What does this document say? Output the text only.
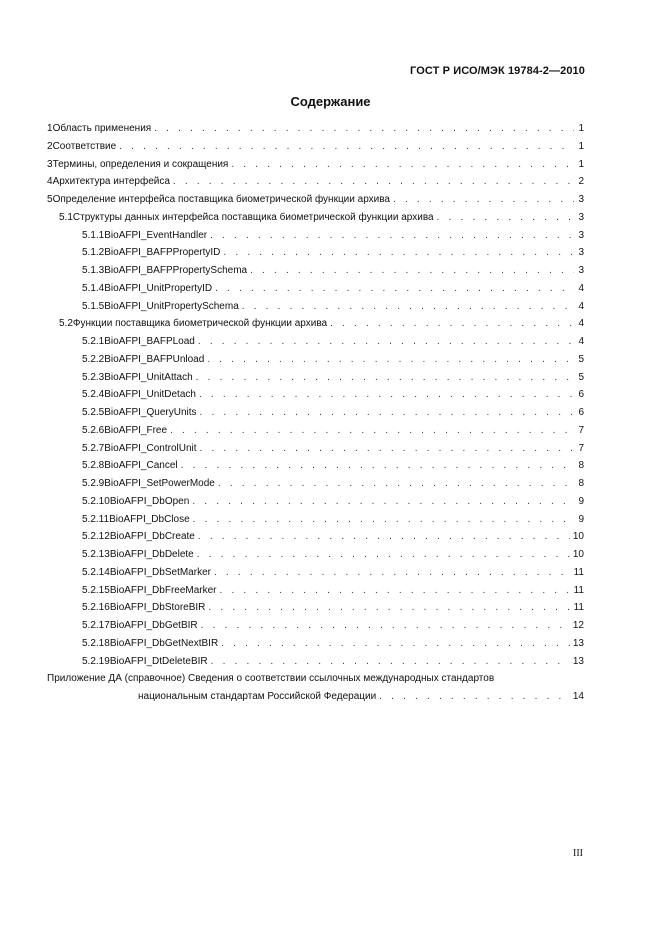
ГОСТ Р ИСО/МЭК 19784-2—2010
Содержание
1 Область применения . . .	1
2 Соответствие . . .	1
3 Термины, определения и сокращения . . .	1
4 Архитектура интерфейса . . .	2
5 Определение интерфейса поставщика биометрической функции архива . . .	3
5.1 Структуры данных интерфейса поставщика биометрической функции архива . . .	3
5.1.1 BioAFPI_EventHandler . . .	3
5.1.2 BioAFPI_BAFPPropertyID . . .	3
5.1.3 BioAFPI_BAFPPropertySchema . . .	3
5.1.4 BioAFPI_UnitPropertyID . . .	4
5.1.5 BioAFPI_UnitPropertySchema . . .	4
5.2 Функции поставщика биометрической функции архива . . .	4
5.2.1 BioAFPI_BAFPLoad . . .	4
5.2.2 BioAFPI_BAFPUnload . . .	5
5.2.3 BioAFPI_UnitAttach . . .	5
5.2.4 BioAFPI_UnitDetach . . .	6
5.2.5 BioAFPI_QueryUnits . . .	6
5.2.6 BioAFPI_Free . . .	7
5.2.7 BioAFPI_ControlUnit . . .	7
5.2.8 BioAFPI_Cancel . . .	8
5.2.9 BioAFPI_SetPowerMode . . .	8
5.2.10 BioAFPI_DbOpen . . .	9
5.2.11 BioAFPI_DbClose . . .	9
5.2.12 BioAFPI_DbCreate . . .	10
5.2.13 BioAFPI_DbDelete . . .	10
5.2.14 BioAFPI_DbSetMarker . . .	11
5.2.15 BioAFPI_DbFreeMarker . . .	11
5.2.16 BioAFPI_DbStoreBIR . . .	11
5.2.17 BioAFPI_DbGetBIR . . .	12
5.2.18 BioAFPI_DbGetNextBIR . . .	13
5.2.19 BioAFPI_DtDeleteBIR . . .	13
Приложение ДА (справочное) Сведения о соответствии ссылочных международных стандартов
национальным стандартам Российской Федерации . . .	14
III
